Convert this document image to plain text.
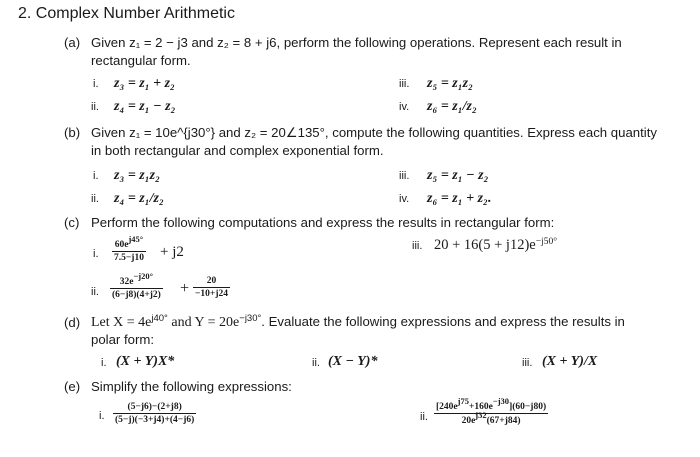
2. Complex Number Arithmetic
(a) Given z₁ = 2 − j3 and z₂ = 8 + j6, perform the following operations. Represent each result in
rectangular form.
i. z₃ = z₁ + z₂
ii. z₄ = z₁ − z₂
iii. z₅ = z₁z₂
iv. z₆ = z₁/z₂
(b) Given z₁ = 10e^{j30°} and z₂ = 20∠135°, compute the following quantities. Express each quantity
in both rectangular and complex exponential form.
i. z₃ = z₁z₂
ii. z₄ = z₁/z₂
iii. z₅ = z₁ − z₂
iv. z₆ = z₁ + z₂.
(c) Perform the following computations and express the results in rectangular form:
i. $\frac{60ej45^\circ}{7.5-j10} + j2$	iii. $20 + 16(5 + j12)e^{-j50^\circ}$
ii. $\frac{32e-j20^\circ}{(6-j8)(4+j2)} + \frac{20}{-10+j24}$
(d) Let $X = 4e^{j40^\circ}$ and $Y = 20e^{-j30^\circ}$. Evaluate the following expressions and express the results in
polar form:
i. (X + Y)X*	ii. (X − Y)*	iii. (X + Y)/X
(e) Simplify the following expressions:
i. $\frac{(5-j6)-(2+j8)}{(5-j)(-3+j4)+(4-j6)}$	ii. $\frac{[240ej75+160e-j30](60-j80)}{20ej32(67+j84)}$
